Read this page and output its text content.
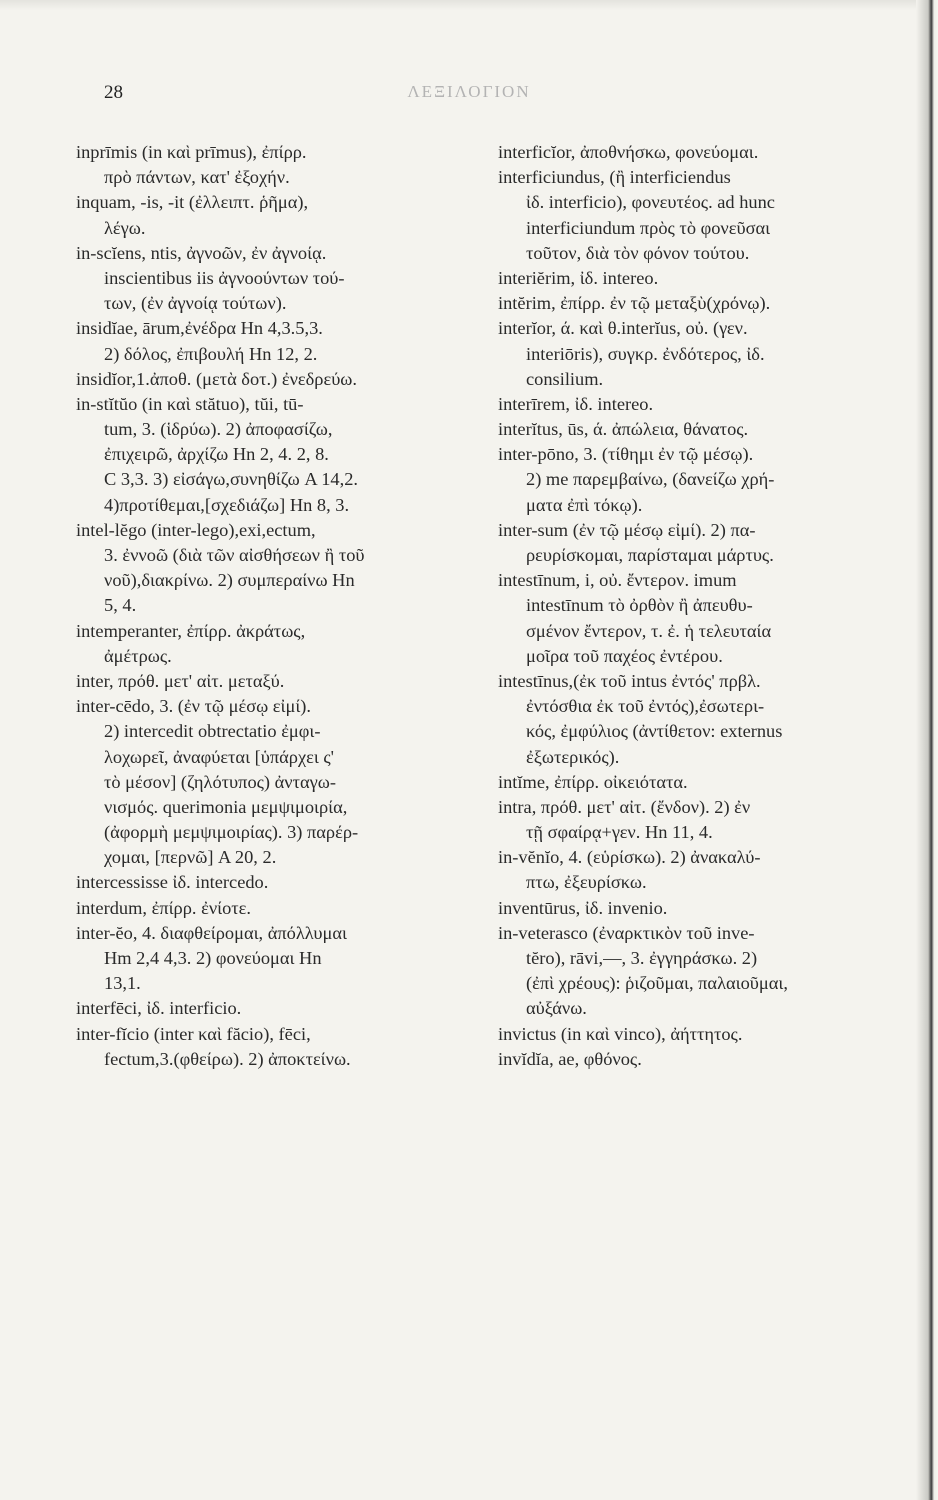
28	ΛΕΞΙΛΟΓΙΟΝ
inprīmis (in καὶ prīmus), ἐπίρρ.
πρὸ πάντων, κατ' ἐξοχήν.
inquam, -is, -it (ἐλλειπτ. ῥῆμα),
λέγω.
in-scĭens, ntis, ἀγνοῶν, ἐν ἀγνοίᾳ.
inscientibus iis ἀγνοούντων τού-
των, (ἐν ἀγνοίᾳ τούτων).
insidĭae, ārum,ἐνέδρα Hn 4,3.5,3.
2) δόλος, ἐπιβουλή Hn 12, 2.
insidĭor,1.ἀποθ. (μετὰ δοτ.) ἐνεδρεύω.
in-stĭtŭo (in καὶ stătuo), tŭi, tū-
tum, 3. (ἱδρύω). 2) ἀποφασίζω,
ἐπιχειρῶ, ἀρχίζω Hn 2, 4. 2, 8.
C 3,3. 3) εἰσάγω,συνηθίζω A 14,2.
4)προτίθεμαι,[σχεδιάζω] Hn 8, 3.
intel-lĕgo (inter-lego),exi,ectum,
3. ἐννοῶ (διὰ τῶν αἰσθήσεων ἢ τοῦ
νοῦ),διακρίνω. 2) συμπεραίνω Hn
5, 4.
intemperanter, ἐπίρρ. ἀκράτως,
ἀμέτρως.
inter, πρόθ. μετ' αἰτ. μεταξύ.
inter-cēdo, 3. (ἐν τῷ μέσῳ εἰμί).
2) intercedit obtrectatio ἐμφι-
λοχωρεῖ, ἀναφύεται [ὑπάρχει ς'
τὸ μέσον] (ζηλότυπος) ἀνταγω-
νισμός. querimonia μεμψιμοιρία,
(ἀφορμὴ μεμψιμοιρίας). 3) παρέρ-
χομαι, [περνῶ] A 20, 2.
intercessisse ἰδ. intercedo.
interdum, ἐπίρρ. ἐνίοτε.
inter-ĕo, 4. διαφθείρομαι, ἀπόλλυμαι
Hm 2,4 4,3. 2) φονεύομαι Hn
13,1.
interfēci, ἰδ. interficio.
inter-fĭcio (inter καὶ făcio), fēci,
fectum,3.(φθείρω). 2) ἀποκτείνω.
interficĭor, ἀποθνήσκω, φονεύομαι.
interficiundus, (ἢ interficiendus
ἰδ. interficio), φονευτέος. ad hunc
interficiundum πρὸς τὸ φονεῦσαι
τοῦτον, διὰ τὸν φόνον τούτου.
interiĕrim, ἰδ. intereo.
intĕrim, ἐπίρρ. ἐν τῷ μεταξὺ(χρόνῳ).
interĭor, ά. καὶ θ.interĭus, οὐ. (γεν.
interiōris), συγκρ. ἐνδότερος, ἰδ.
consilium.
interīrem, ἰδ. intereo.
interĭtus, ūs, ά. ἀπώλεια, θάνατος.
inter-pōno, 3. (τίθημι ἐν τῷ μέσῳ).
2) me παρεμβαίνω, (δανείζω χρή-
ματα ἐπὶ τόκῳ).
inter-sum (ἐν τῷ μέσῳ εἰμί). 2) πα-
ρευρίσκομαι, παρίσταμαι μάρτυς.
intestīnum, i, οὐ. ἔντερον. imum
intestīnum τὸ ὀρθὸν ἢ ἀπευθυ-
σμένον ἔντερον, τ. ἐ. ἡ τελευταία
μοῖρα τοῦ παχέος ἐντέρου.
intestīnus,(ἐκ τοῦ intus ἐντός' πρβλ.
ἐντόσθια ἐκ τοῦ ἐντός),ἐσωτερι-
κός, ἐμφύλιος (ἀντίθετον: externus
ἐξωτερικός).
intĭme, ἐπίρρ. οἰκειότατα.
intra, πρόθ. μετ' αἰτ. (ἔνδον). 2) ἐν
τῇ σφαίρᾳ+γεν. Hn 11, 4.
in-vĕnĭo, 4. (εὑρίσκω). 2) ἀνακαλύ-
πτω, ἐξευρίσκω.
inventūrus, ἰδ. invenio.
in-veterasco (ἐναρκτικὸν τοῦ inve-
tĕro), rāvi,—, 3. ἐγγηράσκω. 2)
(ἐπὶ χρέους): ῥιζοῦμαι, παλαιοῦμαι,
αὐξάνω.
invictus (in καὶ vinco), ἀήττητος.
invĭdĭa, ae, φθόνος.
